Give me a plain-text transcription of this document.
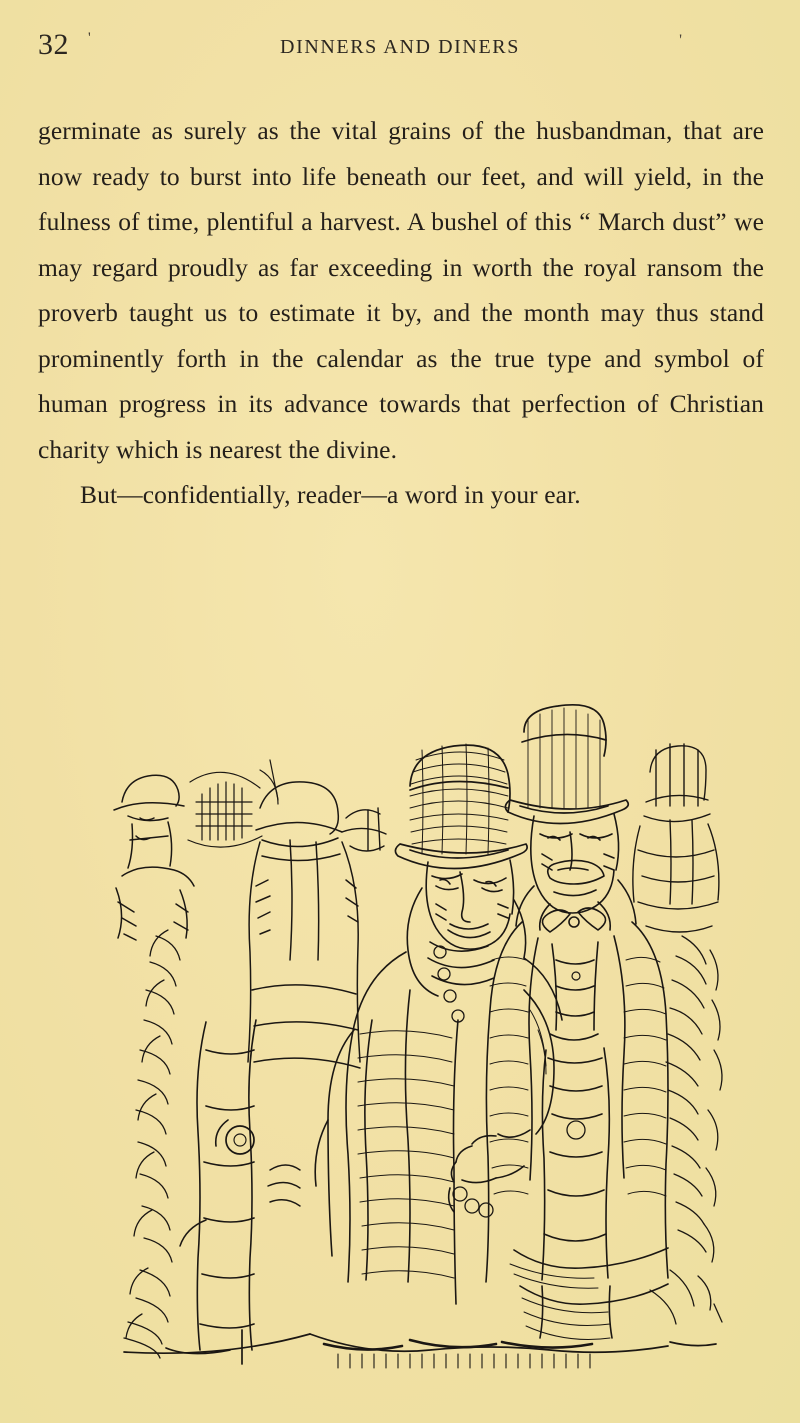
32 '	DINNERS AND DINERS	'

germinate as surely as the vital grains of the husbandman, that are now ready to burst into life beneath our feet, and will yield, in the fulness of time, plentiful a harvest. A bushel of this “ March dust” we may regard proudly as far exceeding in worth the royal ransom the proverb taught us to estimate it by, and the month may thus stand prominently forth in the calendar as the true type and symbol of human progress in its advance towards that perfection of Christian charity which is nearest the divine.

But—confidentially, reader—a word in your ear.
